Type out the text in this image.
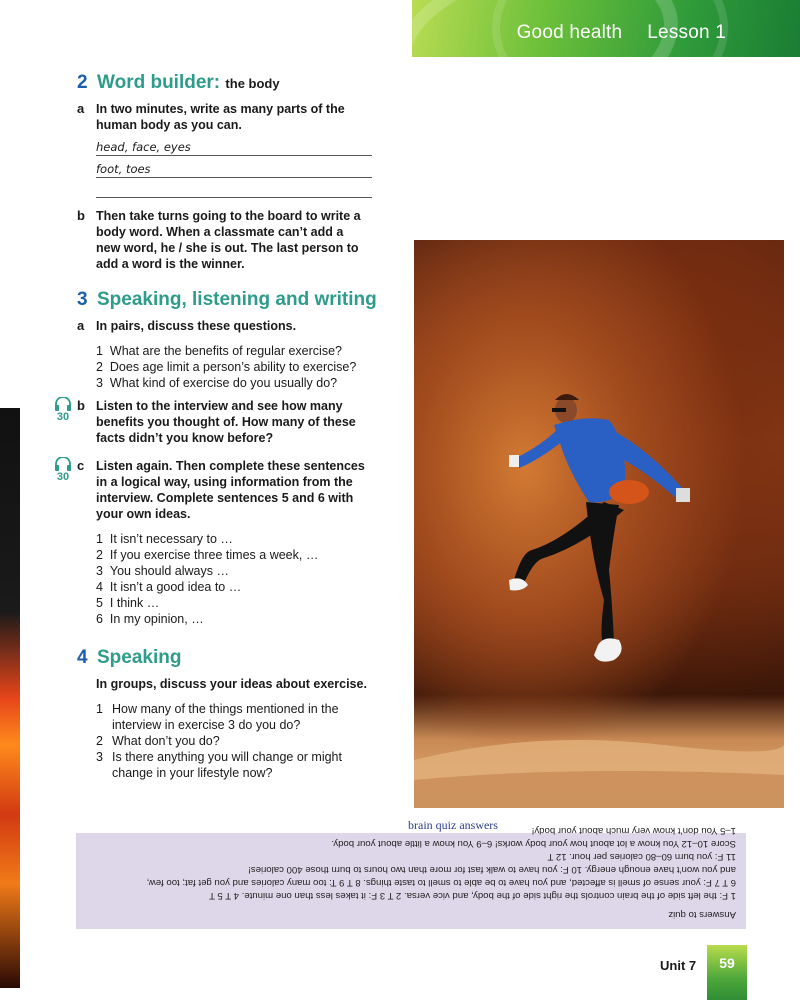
Good health Lesson 1
2 Word builder: the body
a In two minutes, write as many parts of the human body as you can.
head, face, eyes
foot, toes
b Then take turns going to the board to write a body word. When a classmate can’t add a new word, he / she is out. The last person to add a word is the winner.
3 Speaking, listening and writing
a In pairs, discuss these questions.
1 What are the benefits of regular exercise?
2 Does age limit a person’s ability to exercise?
3 What kind of exercise do you usually do?
30
b Listen to the interview and see how many benefits you thought of. How many of these facts didn’t you know before?
30
c Listen again. Then complete these sentences in a logical way, using information from the interview. Complete sentences 5 and 6 with your own ideas.
1 It isn’t necessary to …
2 If you exercise three times a week, …
3 You should always …
4 It isn’t a good idea to …
5 I think …
6 In my opinion, …
4 Speaking
In groups, discuss your ideas about exercise.
1 How many of the things mentioned in the interview in exercise 3 do you do?
2 What don’t you do?
3 Is there anything you will change or might change in your lifestyle now?
brain quiz answers

Answers to quiz

1 F: the left side of the brain controls the right side of the body, and vice versa. 2 T 3 F: it takes less than one minute. 4 T 5 T

6 T 7 F: your sense of smell is affected, and you have to be able to smell to taste things. 8 T 9 T: too many calories and you get fat; too few,

and you won’t have enough energy. 10 F: you have to walk fast for more than two hours to burn those 400 calories!

11 F: you burn 60–80 calories per hour. 12 T

Score 10–12 You know a lot about how your body works! 6–9 You know a little about your body.

1–5 You don’t know very much about your body!

Unit 7	59
